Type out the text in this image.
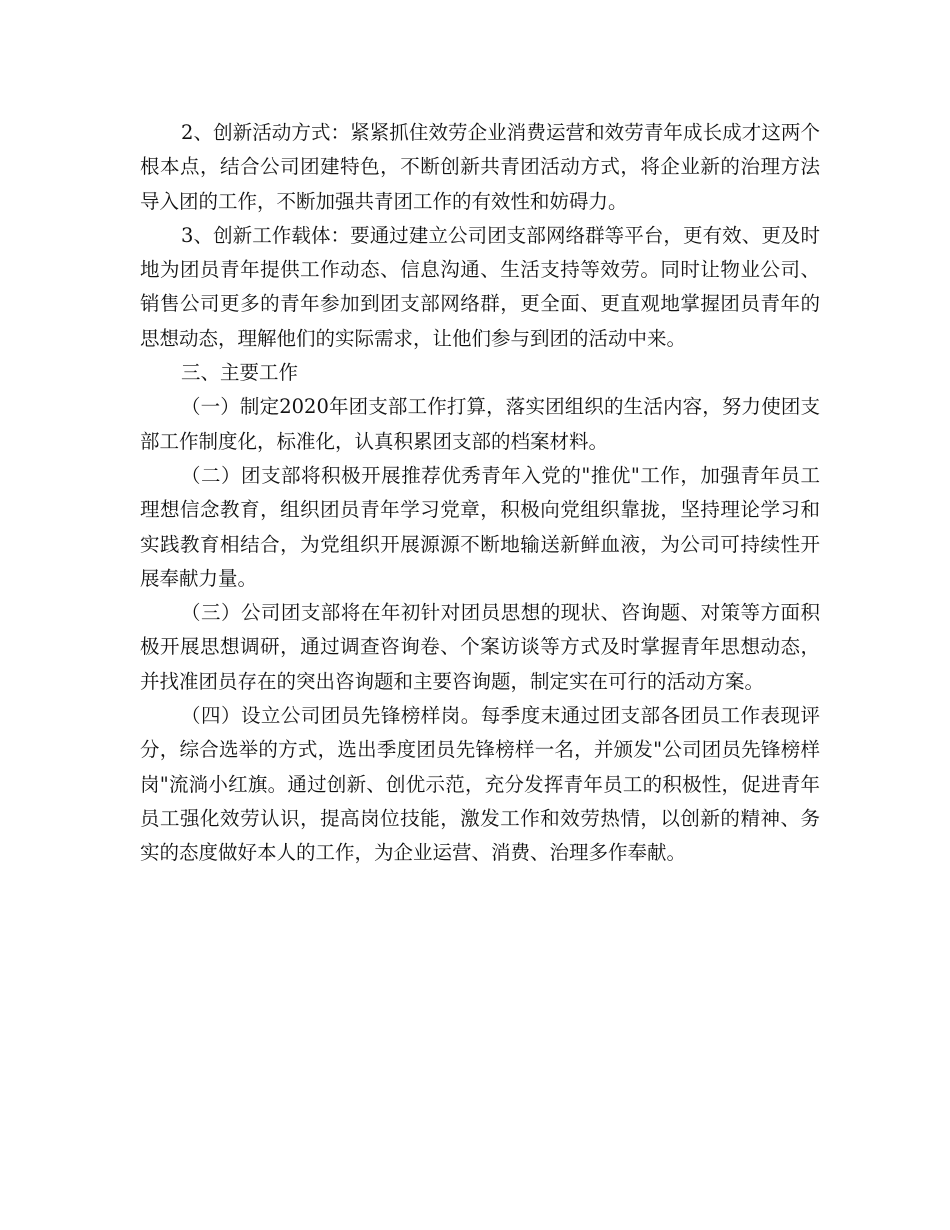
2、创新活动方式：紧紧抓住效劳企业消费运营和效劳青年成长成才这两个根本点，结合公司团建特色，不断创新共青团活动方式，将企业新的治理方法导入团的工作，不断加强共青团工作的有效性和妨碍力。

3、创新工作载体：要通过建立公司团支部网络群等平台，更有效、更及时地为团员青年提供工作动态、信息沟通、生活支持等效劳。同时让物业公司、销售公司更多的青年参加到团支部网络群，更全面、更直观地掌握团员青年的思想动态，理解他们的实际需求，让他们参与到团的活动中来。

三、主要工作

（一）制定2020年团支部工作打算，落实团组织的生活内容，努力使团支部工作制度化，标准化，认真积累团支部的档案材料。

（二）团支部将积极开展推荐优秀青年入党的"推优"工作，加强青年员工理想信念教育，组织团员青年学习党章，积极向党组织靠拢，坚持理论学习和实践教育相结合，为党组织开展源源不断地输送新鲜血液，为公司可持续性开展奉献力量。

（三）公司团支部将在年初针对团员思想的现状、咨询题、对策等方面积极开展思想调研，通过调查咨询卷、个案访谈等方式及时掌握青年思想动态，并找准团员存在的突出咨询题和主要咨询题，制定实在可行的活动方案。

（四）设立公司团员先锋榜样岗。每季度末通过团支部各团员工作表现评分，综合选举的方式，选出季度团员先锋榜样一名，并颁发"公司团员先锋榜样岗"流淌小红旗。通过创新、创优示范，充分发挥青年员工的积极性，促进青年员工强化效劳认识，提高岗位技能，激发工作和效劳热情，以创新的精神、务实的态度做好本人的工作，为企业运营、消费、治理多作奉献。
